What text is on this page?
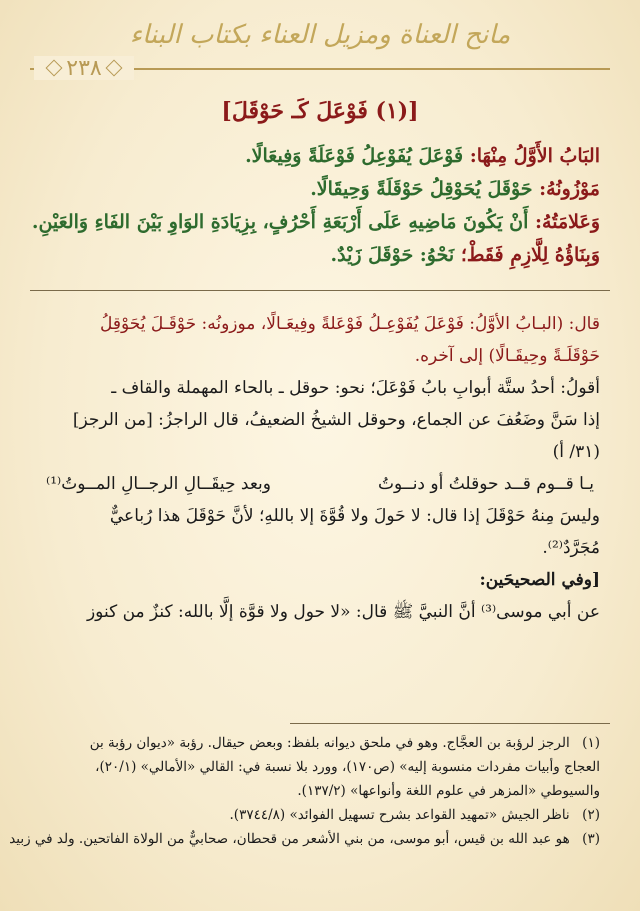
مانح العناة ومزيل العناء بكتاب البناء
٢٣٨
[(١) فَوْعَلَ كَـ حَوْقَلَ]
البَابُ الأَوَّلُ مِنْهَا: فَوْعَلَ يُفَوْعِلُ فَوْعَلَةً وَفِيعَالًا.
مَوْزُونُهُ: حَوْقَلَ يُحَوْقِلُ حَوْقَلَةً وَحِيقَالًا.
وَعَلامَتُهُ: أَنْ يَكُونَ مَاضِيهِ عَلَى أَرْبَعَةِ أَحْرُفٍ، بِزِيَادَةِ الوَاوِ بَيْنَ الفَاءِ وَالعَيْنِ.
وَبِنَاؤُهُ لِلَّازِمِ فَقَطْ؛ نَحْوُ: حَوْقَلَ زَيْدٌ.
قال: (البـابُ الأوَّلُ: فَوْعَلَ يُفَوْعِـلُ فَوْعَلةً وفِيعَـالًا، موزونُه: حَوْقَـلَ يُحَوْقِلُ
حَوْقَلَـةً وحِيقَـالًا) إلى آخره.
أقولُ: أحدُ ستَّة أبوابِ بابُ فَوْعَلَ؛ نحو: حوقل ـ بالحاء المهملة والقاف ـ
إذا سَنَّ وضَعُفَ عن الجماع، وحوقل الشيخُ الضعيفُ، قال الراجزُ: [من الرجز]
(٣١/ أ)
يـا قــوم قــد حوقلتُ أو دنــوتُ
وبعد حِيقَــالِ الرجــالِ المــوتُ⁽¹⁾
وليسَ مِنهُ حَوْقَلَ إذا قال: لا حَولَ ولا قُوَّةَ إلا باللهِ؛ لأنَّ حَوْقَلَ هذا رُباعيٌّ
مُجَرَّدٌ⁽²⁾.
[وفي الصحيحَين:
عن أبي موسى⁽³⁾ أنَّ النبيَّ ﷺ قال: «لا حول ولا قوَّة إلَّا بالله: كنزٌ من كنوز
(١) الرجز لرؤبة بن العجَّاج. وهو في ملحق ديوانه بلفظ: وبعض حيقال. رؤبة «ديوان رؤبة بن
العجاج وأبيات مفردات منسوبة إليه» (ص١٧٠)، وورد بلا نسبة في: القالي «الأمالي» (٢٠/١)،
والسيوطي «المزهر في علوم اللغة وأنواعها» (١٣٧/٢).
(٢) ناظر الجيش «تمهيد القواعد بشرح تسهيل الفوائد» (٣٧٤٤/٨).
(٣) هو عبد الله بن قيس، أبو موسى، من بني الأشعر من قحطان، صحابيٌّ من الولاة الفاتحين. ولد في زبيد
